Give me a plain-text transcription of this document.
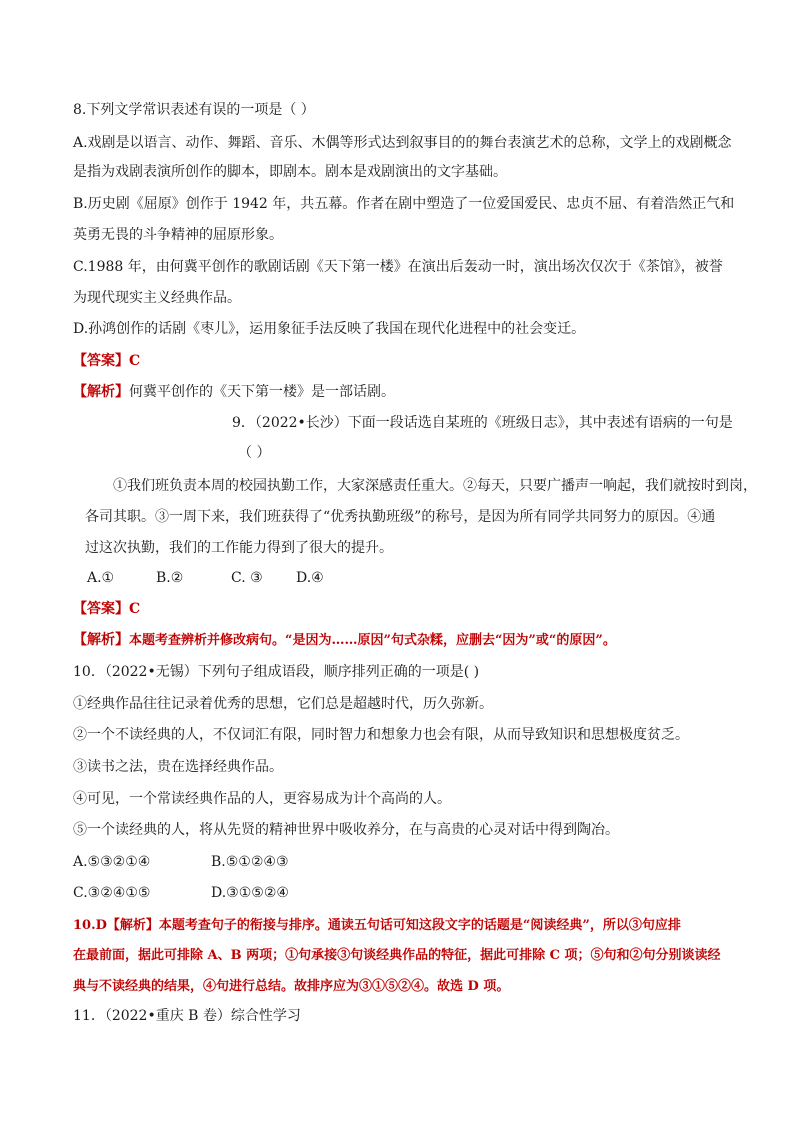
8.下列文学常识表述有误的一项是（ ）
A.戏剧是以语言、动作、舞蹈、音乐、木偶等形式达到叙事目的的舞台表演艺术的总称，文学上的戏剧概念
是指为戏剧表演所创作的脚本，即剧本。剧本是戏剧演出的文字基础。
B.历史剧《屈原》创作于 1942 年，共五幕。作者在剧中塑造了一位爱国爱民、忠贞不屈、有着浩然正气和
英勇无畏的斗争精神的屈原形象。
C.1988 年，由何冀平创作的歌剧话剧《天下第一楼》在演出后轰动一时，演出场次仅次于《茶馆》，被誉
为现代现实主义经典作品。
D.孙鸿创作的话剧《枣儿》，运用象征手法反映了我国在现代化进程中的社会变迁。
【答案】C
【解析】何冀平创作的《天下第一楼》是一部话剧。
9．（2022•长沙）下面一段话选自某班的《班级日志》，其中表述有语病的一句是
（ ）
①我们班负责本周的校园执勤工作，大家深感责任重大。②每天，只要广播声一响起，我们就按时到岗，
各司其职。③一周下来，我们班获得了“优秀执勤班级”的称号，是因为所有同学共同努力的原因。④通
过这次执勤，我们的工作能力得到了很大的提升。
A.①	B.②	C. ③ D.④
【答案】C
【解析】本题考查辨析并修改病句。“是因为……原因”句式杂糅，应删去“因为”或“的原因”。
10．（2022•无锡）下列句子组成语段，顺序排列正确的一项是( )
①经典作品往往记录着优秀的思想，它们总是超越时代，历久弥新。
②一个不读经典的人，不仅词汇有限，同时智力和想象力也会有限，从而导致知识和思想极度贫乏。
③读书之法，贵在选择经典作品。
④可见，一个常读经典作品的人，更容易成为计个高尚的人。
⑤一个读经典的人，将从先贤的精神世界中吸收养分，在与高贵的心灵对话中得到陶冶。
A.⑤③②①④	B.⑤①②④③
C.③②④①⑤	D.③①⑤②④
10.D【解析】本题考查句子的衔接与排序。通读五句话可知这段文字的话题是“阅读经典”，所以③句应排
在最前面，据此可排除 A、B 两项；①句承接③句谈经典作品的特征，据此可排除 C 项；⑤句和②句分别谈读经
典与不读经典的结果，④句进行总结。故排序应为③①⑤②④。故选 D 项。
11．（2022•重庆 B 卷）综合性学习
